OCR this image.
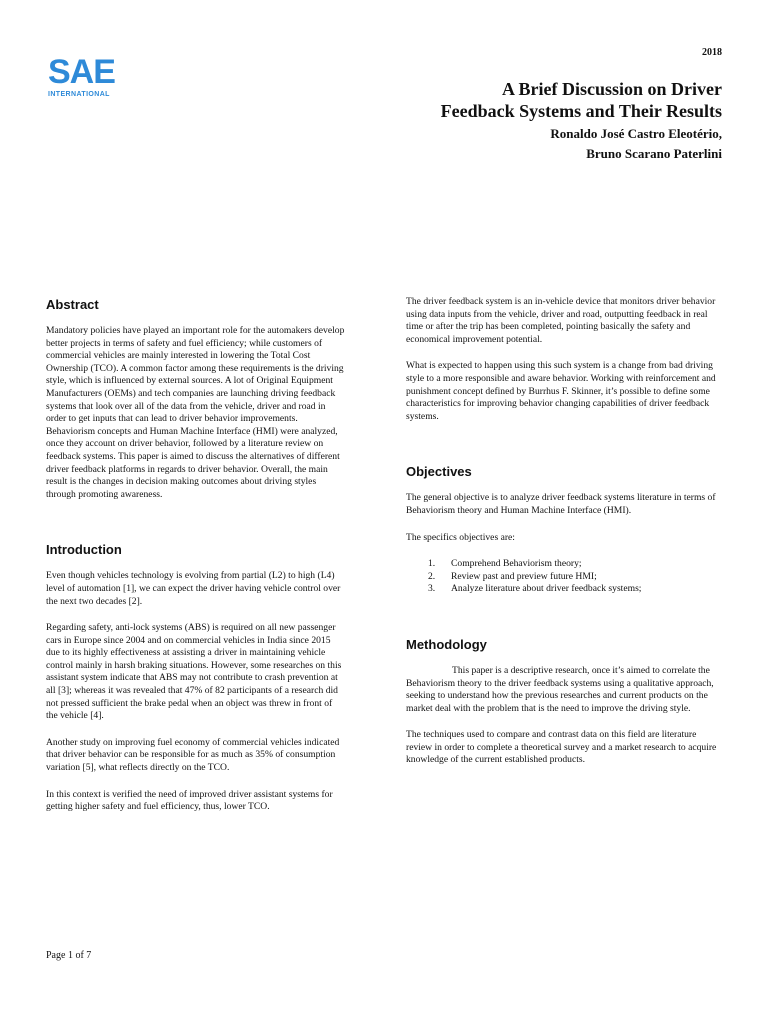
SAE
INTERNATIONAL
2018
A Brief Discussion on Driver
Feedback Systems and Their Results
Ronaldo José Castro Eleotério,
Bruno Scarano Paterlini
Abstract

Mandatory policies have played an important role for the automakers develop better projects in terms of safety and fuel efficiency; while customers of commercial vehicles are mainly interested in lowering the Total Cost Ownership (TCO). A common factor among these requirements is the driving style, which is influenced by external sources. A lot of Original Equipment Manufacturers (OEMs) and tech companies are launching driving feedback systems that look over all of the data from the vehicle, driver and road in order to get inputs that can lead to driver behavior improvements. Behaviorism concepts and Human Machine Interface (HMI) were analyzed, once they account on driver behavior, followed by a literature review on feedback systems. This paper is aimed to discuss the alternatives of different driver feedback platforms in regards to driver behavior. Overall, the main result is the changes in decision making outcomes about driving styles through promoting awareness.

Introduction

Even though vehicles technology is evolving from partial (L2) to high (L4) level of automation [1], we can expect the driver having vehicle control over the next two decades [2].

Regarding safety, anti-lock systems (ABS) is required on all new passenger cars in Europe since 2004 and on commercial vehicles in India since 2015 due to its highly effectiveness at assisting a driver in maintaining vehicle control mainly in harsh braking situations. However, some researches on this assistant system indicate that ABS may not contribute to crash prevention at all [3]; whereas it was revealed that 47% of 82 participants of a research did not pressed sufficient the brake pedal when an object was threw in front of the vehicle [4].

Another study on improving fuel economy of commercial vehicles indicated that driver behavior can be responsible for as much as 35% of consumption variation [5], what reflects directly on the TCO.

In this context is verified the need of improved driver assistant systems for getting higher safety and fuel efficiency, thus, lower TCO.

The driver feedback system is an in-vehicle device that monitors driver behavior using data inputs from the vehicle, driver and road, outputting feedback in real time or after the trip has been completed, pointing basically the safety and economical improvement potential.

What is expected to happen using this such system is a change from bad driving style to a more responsible and aware behavior. Working with reinforcement and punishment concept defined by Burrhus F. Skinner, it’s possible to define some characteristics for improving behavior changing capabilities of driver feedback systems.

Objectives

The general objective is to analyze driver feedback systems literature in terms of Behaviorism theory and Human Machine Interface (HMI).

The specifics objectives are:

1.	Comprehend Behaviorism theory;
2.	Review past and preview future HMI;
3.	Analyze literature about driver feedback systems;
Methodology

This paper is a descriptive research, once it’s aimed to correlate the Behaviorism theory to the driver feedback systems using a qualitative approach, seeking to understand how the previous researches and current products on the market deal with the problem that is the need to improve the driving style.

The techniques used to compare and contrast data on this field are literature review in order to complete a theoretical survey and a market research to acquire knowledge of the current established products.

Page 1 of 7
